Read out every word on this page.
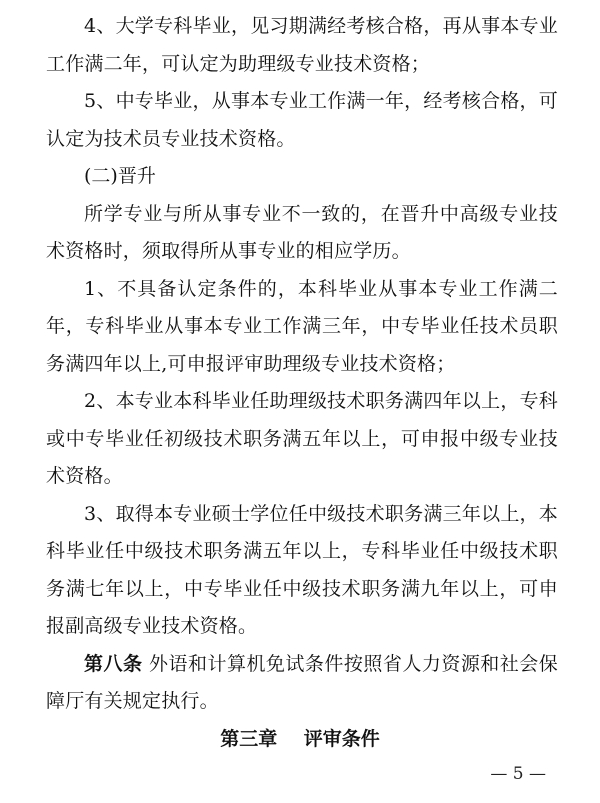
4、大学专科毕业，见习期满经考核合格，再从事本专业工作满二年，可认定为助理级专业技术资格；

5、中专毕业，从事本专业工作满一年，经考核合格，可认定为技术员专业技术资格。

(二)晋升

所学专业与所从事专业不一致的，在晋升中高级专业技术资格时，须取得所从事专业的相应学历。

1、不具备认定条件的，本科毕业从事本专业工作满二年，专科毕业从事本专业工作满三年，中专毕业任技术员职务满四年以上,可申报评审助理级专业技术资格；

2、本专业本科毕业任助理级技术职务满四年以上，专科或中专毕业任初级技术职务满五年以上，可申报中级专业技术资格。

3、取得本专业硕士学位任中级技术职务满三年以上，本科毕业任中级技术职务满五年以上，专科毕业任中级技术职务满七年以上，中专毕业任中级技术职务满九年以上，可申报副高级专业技术资格。

第八条 外语和计算机免试条件按照省人力资源和社会保障厅有关规定执行。

第三章    评审条件
— 5 —
